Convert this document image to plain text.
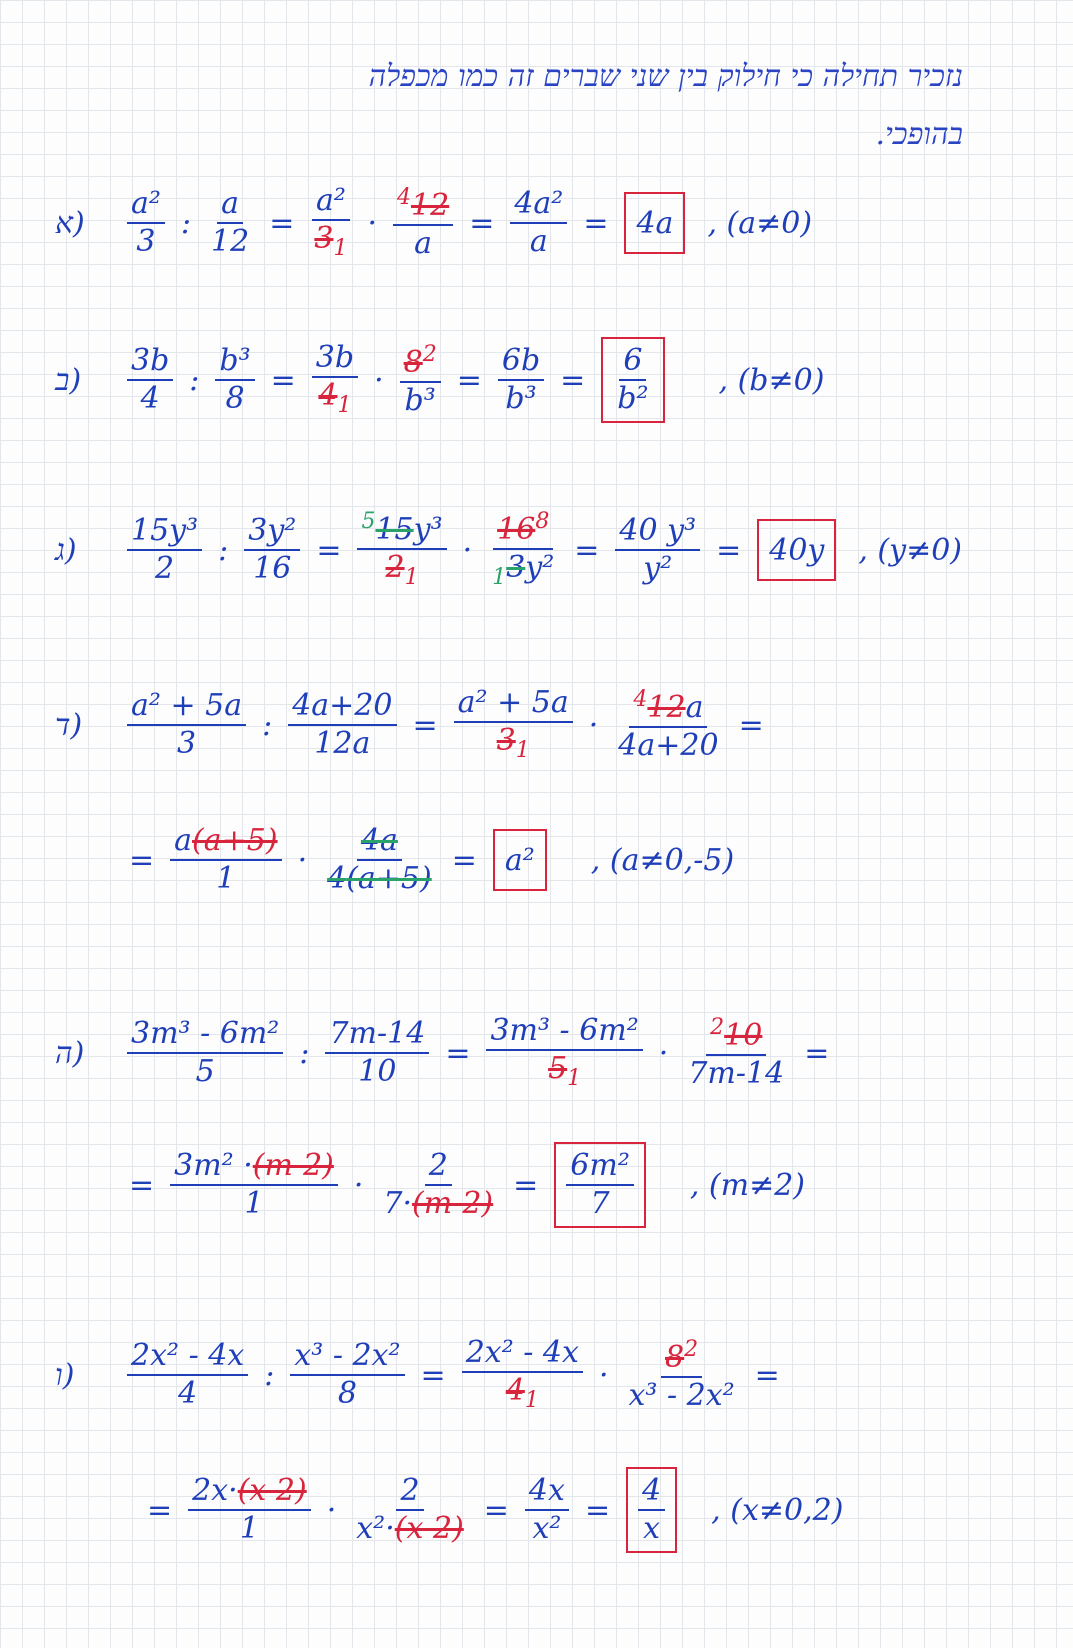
נזכיר תחילה כי חילוק בין שני שברים זה כמו מכפלה
בהופכי.
א)	$\frac{\text{a²}}{3}$ : $\frac{a}{12} = \frac{\text{a²}}{3_1} \cdot \frac{^412}{a} = \frac{\text{4a²}}{a} = 4a$ , (a≠0)
ב)	$\frac{3b}{4}$ : $\frac{\text{b³}}{8} = \frac{3b}{4_1} \cdot \frac{8^2}{\text{b³}} = \frac{6b}{\text{b³}} = \frac{6}{\text{b²}}$ , (b≠0)
ג)	$\frac{\text{15y³}}{2}$ : $\frac{\text{3y²}}{16} = \frac{^515y^3}{2_1} \cdot \frac{16^8}{_13y^2} = \frac{\text{40 y³}}{\text{y²}} = 40y$ , (y≠0)
ד)	$\frac{\text{a² + 5a}}{3}$ : $\frac{4a+20}{12a} = \frac{\text{a² + 5a}}{3_1} \cdot \frac{^412a}{4a+20}$ =
= $\frac{a(a+5)}{1} \cdot \frac{4a}{4(a+5)} = a^2$ , (a≠0,-5)
ה)	$\frac{\text{3m³ - 6m²}}{5}$ : $\frac{7m-14}{10} = \frac{\text{3m³ - 6m²}}{5_1} \cdot \frac{^210}{7m-14}$ =
= $\frac{\text{3m² ·(m-2)}}{1} \cdot \frac{2}{7\cdot(m-2)} = \frac{\text{6m²}}{7}$ , (m≠2)
ו)	$\frac{\text{2x² - 4x}}{4}$ : $\frac{\text{x³ - 2x²}}{8} = \frac{\text{2x² - 4x}}{4_1} \cdot \frac{8^2}{\text{x³ - 2x²}}$ =
= $\frac{2x\cdot(x-2)}{1} \cdot \frac{2}{\text{x²·(x-2)}} = \frac{4x}{\text{x²}} = \frac{4}{x}$ , (x≠0,2)
